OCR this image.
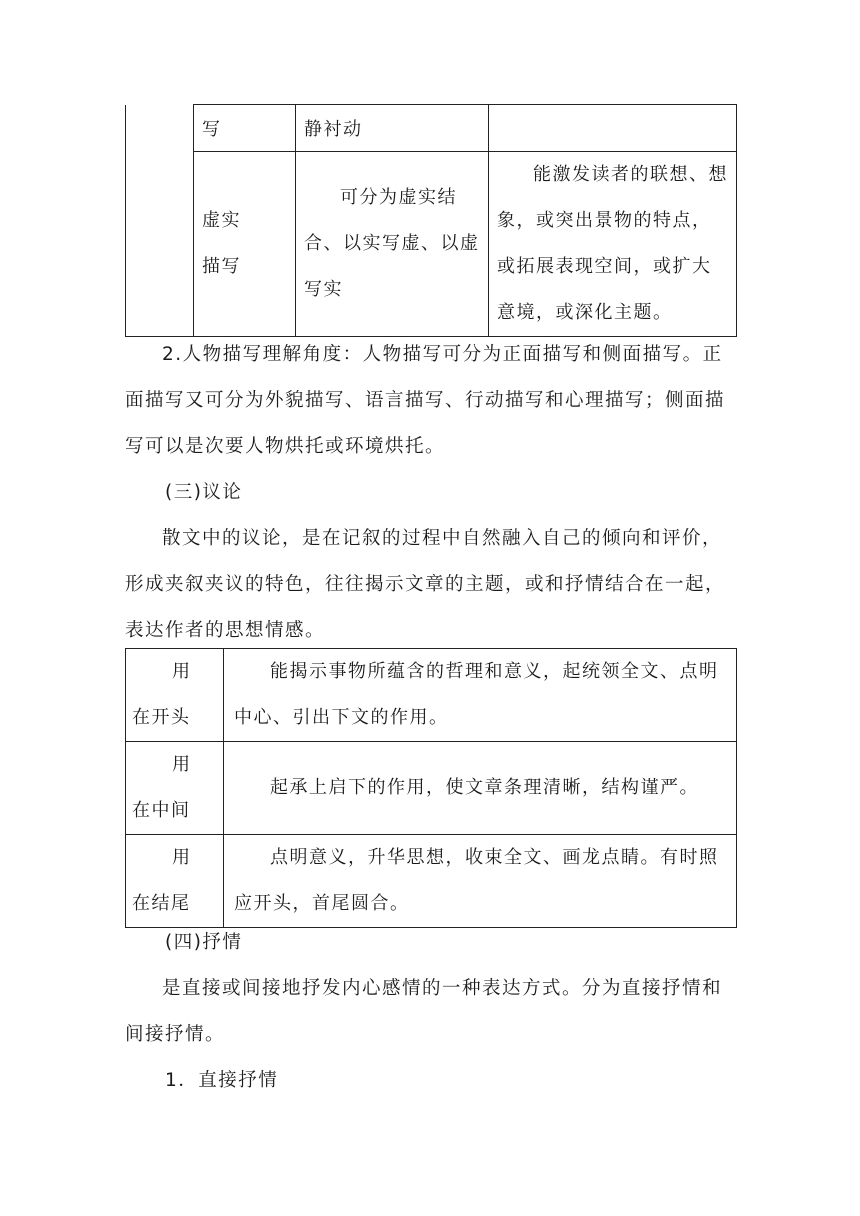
	写	静衬动	

	虚实描写	可分为虚实结合、以实写虚、以虚写实	能激发读者的联想、想象，或突出景物的特点，或拓展表现空间，或扩大意境，或深化主题。

2.人物描写理解角度：人物描写可分为正面描写和侧面描写。正面描写又可分为外貌描写、语言描写、行动描写和心理描写；侧面描写可以是次要人物烘托或环境烘托。

(三)议论

散文中的议论，是在记叙的过程中自然融入自己的倾向和评价，形成夹叙夹议的特色，往往揭示文章的主题，或和抒情结合在一起，表达作者的思想情感。

用
在开头	能揭示事物所蕴含的哲理和意义，起统领全文、点明中心、引出下文的作用。

用
在中间	起承上启下的作用，使文章条理清晰，结构谨严。

用
在结尾	点明意义，升华思想，收束全文、画龙点睛。有时照应开头，首尾圆合。

(四)抒情

是直接或间接地抒发内心感情的一种表达方式。分为直接抒情和间接抒情。

1．直接抒情
